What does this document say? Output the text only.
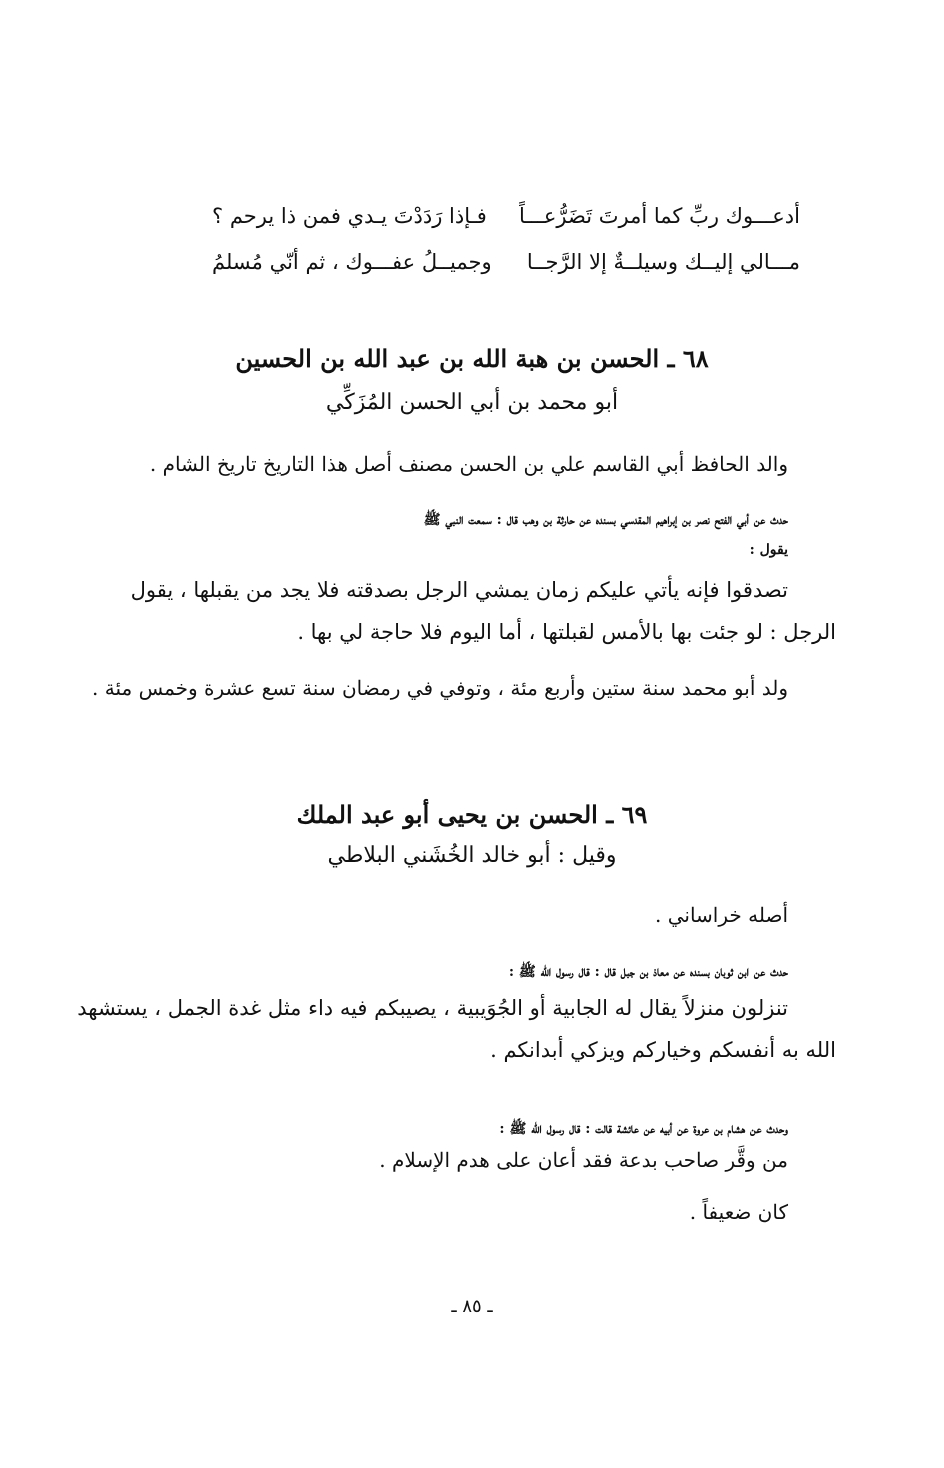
أدعـــوك ربِّ كما أمرتَ تَضَرُّعـــاً
فـإذا رَدَدْتَ يـدي فمن ذا يرحم ؟
مـــالي إليــك وسيلــةٌ إلا الرَّجــا
وجميــلُ عفـــوك ، ثم أنّي مُسلمُ
٦٨ ـ الحسن بن هبة الله بن عبد الله بن الحسين
أبو محمد بن أبي الحسن المُزَكِّي
والد الحافظ أبي القاسم علي بن الحسن مصنف أصل هذا التاريخ تاريخ الشام .
حدث عن أبي الفتح نصر بن إبراهيم المقدسي بسنده عن حارثة بن وهب قال : سمعت النبي ﷺ
يقول :
تصدقوا فإنه يأتي عليكم زمان يمشي الرجل بصدقته فلا يجد من يقبلها ، يقول
الرجل : لو جئت بها بالأمس لقبلتها ، أما اليوم فلا حاجة لي بها .
ولد أبو محمد سنة ستين وأربع مئة ، وتوفي في رمضان سنة تسع عشرة وخمس مئة .
٦٩ ـ الحسن بن يحيى أبو عبد الملك
وقيل : أبو خالد الخُشَني البلاطي
أصله خراساني .
حدث عن ابن ثوبان بسنده عن معاذ بن جبل قال : قال رسول الله ﷺ :
تنزلون منزلاً يقال له الجابية أو الجُوَيبية ، يصيبكم فيه داء مثل غدة الجمل ، يستشهد
الله به أنفسكم وخياركم ويزكي أبدانكم .
وحدث عن هشام بن عروة عن أبيه عن عائشة قالت : قال رسول الله ﷺ :
من وقَّر صاحب بدعة فقد أعان على هدم الإسلام .
كان ضعيفاً .
ـ ٨٥ ـ
